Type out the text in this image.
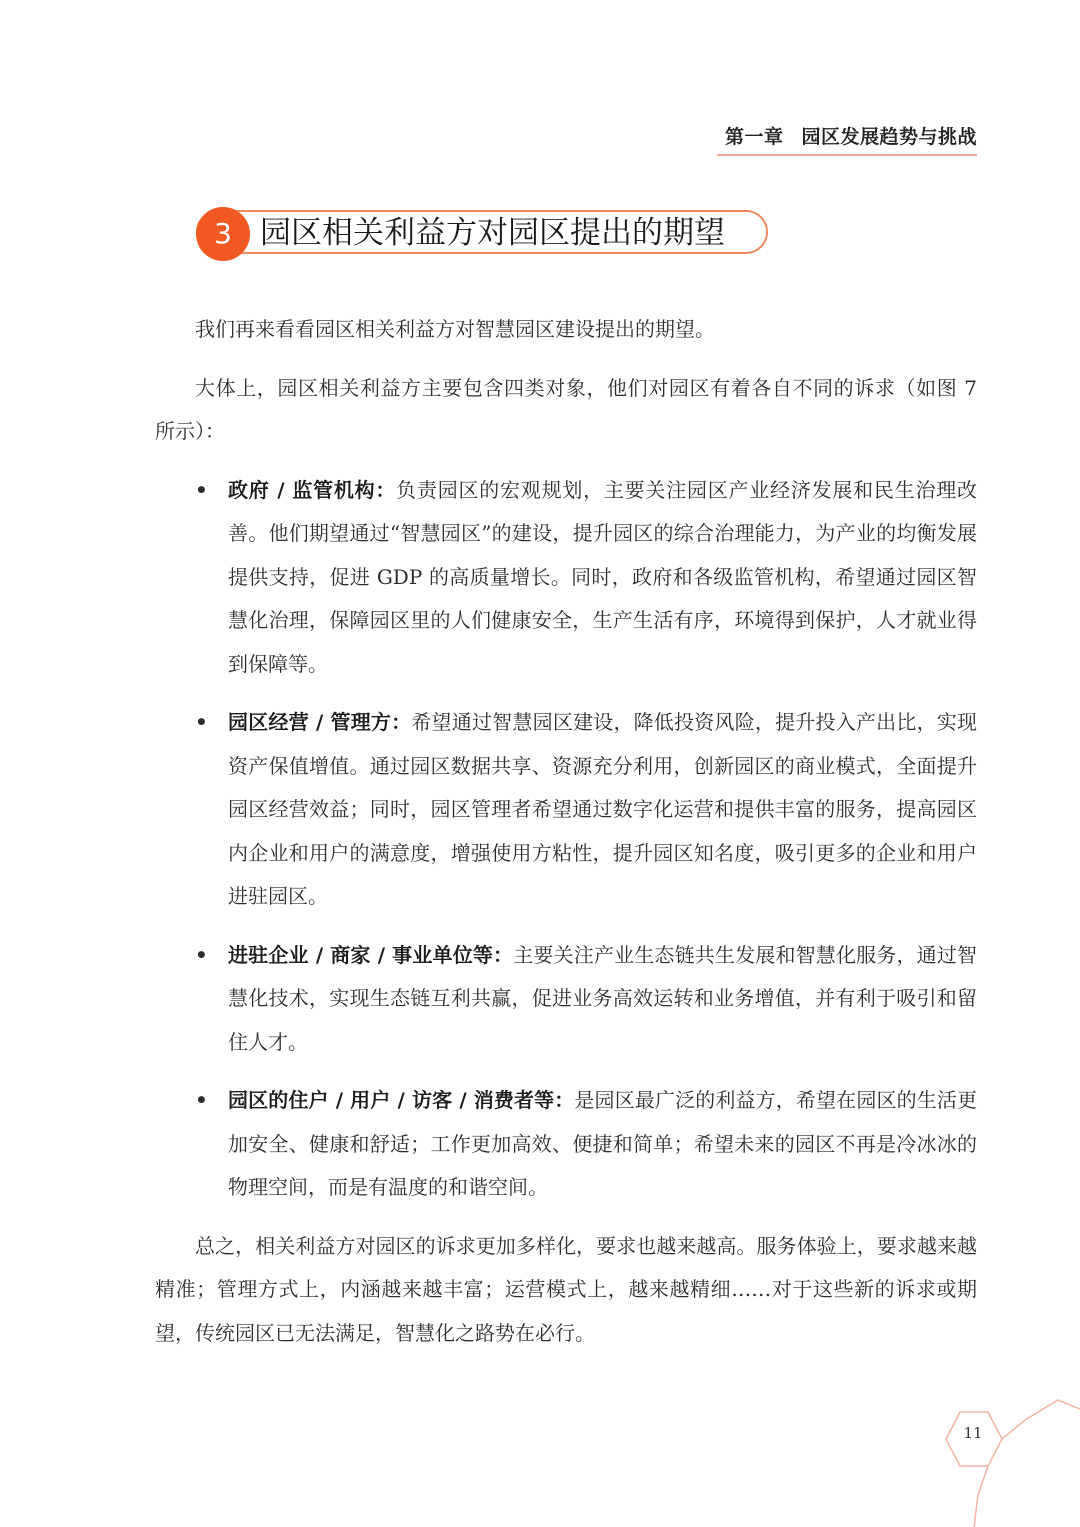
第一章 园区发展趋势与挑战
3 园区相关利益方对园区提出的期望

我们再来看看园区相关利益方对智慧园区建设提出的期望。

大体上，园区相关利益方主要包含四类对象，他们对园区有着各自不同的诉求（如图 7 所示）：

• 政府 / 监管机构：负责园区的宏观规划，主要关注园区产业经济发展和民生治理改善。他们期望通过“智慧园区”的建设，提升园区的综合治理能力，为产业的均衡发展提供支持，促进 GDP 的高质量增长。同时，政府和各级监管机构，希望通过园区智慧化治理，保障园区里的人们健康安全，生产生活有序，环境得到保护，人才就业得到保障等。
• 园区经营 / 管理方：希望通过智慧园区建设，降低投资风险，提升投入产出比，实现资产保值增值。通过园区数据共享、资源充分利用，创新园区的商业模式，全面提升园区经营效益；同时，园区管理者希望通过数字化运营和提供丰富的服务，提高园区内企业和用户的满意度，增强使用方粘性，提升园区知名度，吸引更多的企业和用户进驻园区。
• 进驻企业 / 商家 / 事业单位等：主要关注产业生态链共生发展和智慧化服务，通过智慧化技术，实现生态链互利共赢，促进业务高效运转和业务增值，并有利于吸引和留住人才。
• 园区的住户 / 用户 / 访客 / 消费者等：是园区最广泛的利益方，希望在园区的生活更加安全、健康和舒适；工作更加高效、便捷和简单；希望未来的园区不再是冷冰冰的物理空间，而是有温度的和谐空间。

总之，相关利益方对园区的诉求更加多样化，要求也越来越高。服务体验上，要求越来越精准；管理方式上，内涵越来越丰富；运营模式上，越来越精细……对于这些新的诉求或期望，传统园区已无法满足，智慧化之路势在必行。

11
